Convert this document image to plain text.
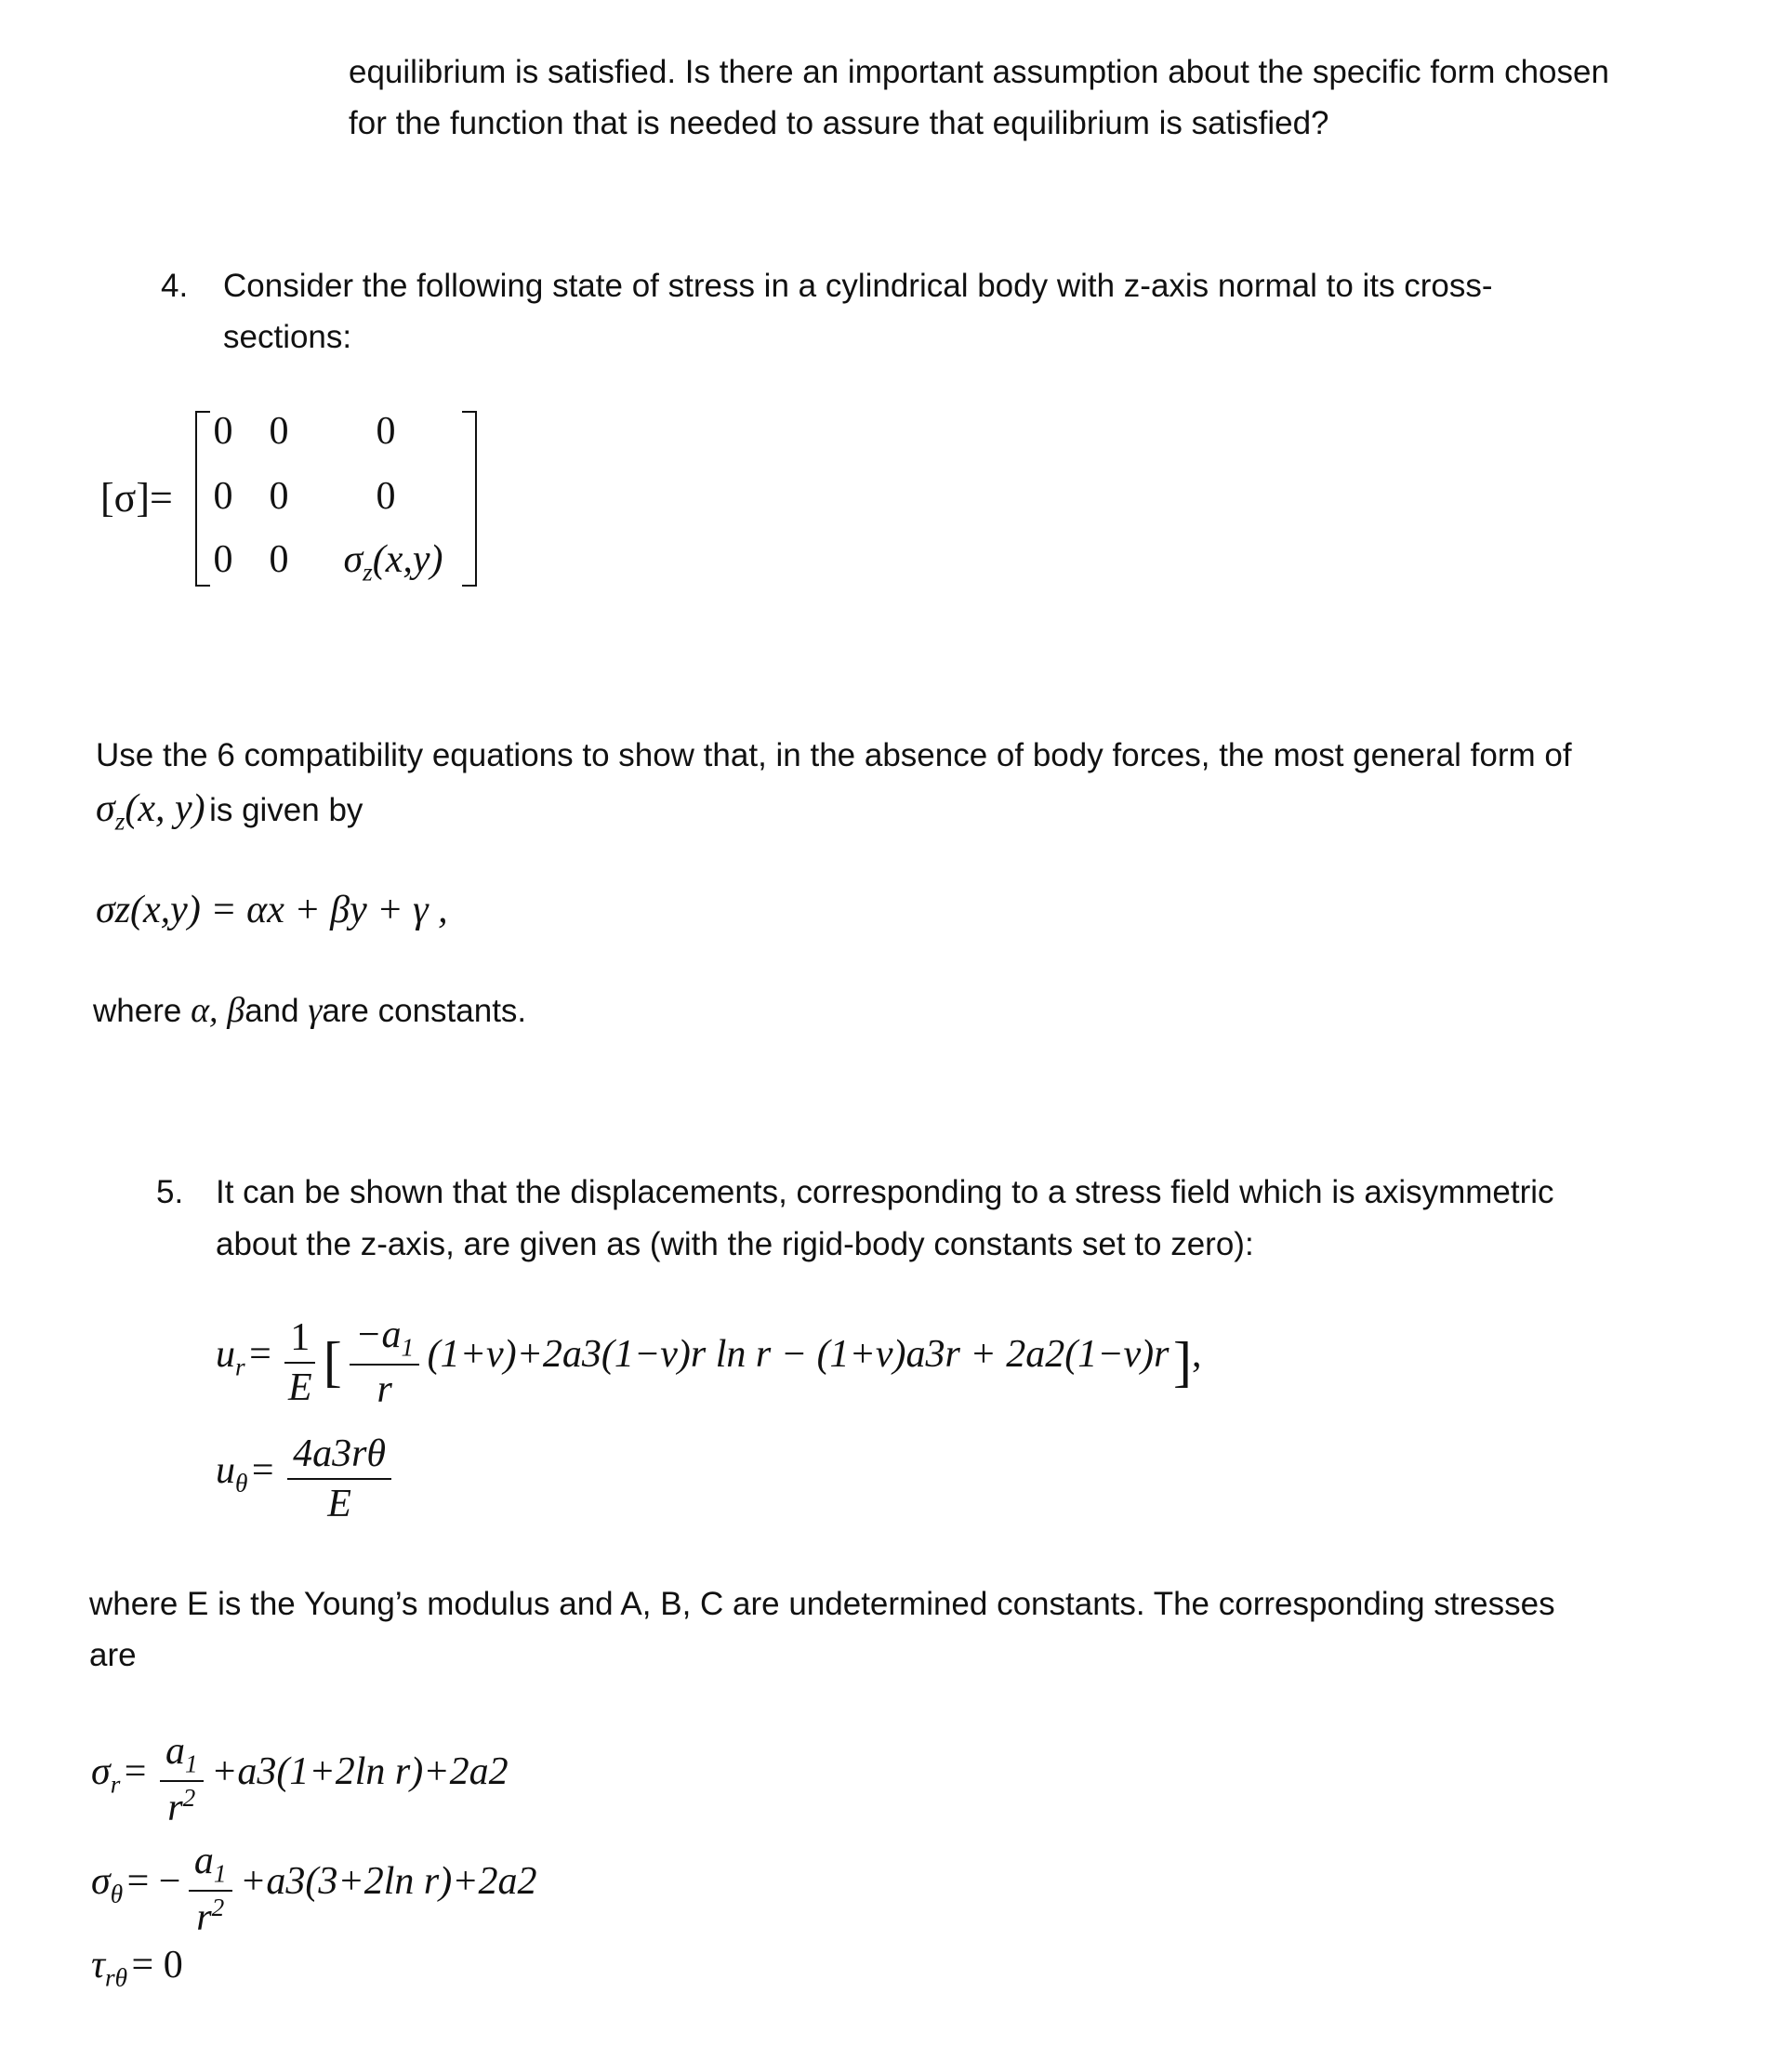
equilibrium is satisfied. Is there an important assumption about the specific form chosen
for the function that is needed to assure that equilibrium is satisfied?
4. Consider the following state of stress in a cylindrical body with z-axis normal to its cross-
sections:
[σ]=
0 0 0
0 0 0
0 0	$\sigma_z(x,y)$
Use the 6 compatibility equations to show that, in the absence of body forces, the most general form of
$\sigma_z(x$, y) is given by
σz(x,y) = αx + βy + γ ,
where α, βand γare constants.
5. It can be shown that the displacements, corresponding to a stress field which is axisymmetric
about the z-axis, are given as (with the rigid-body constants set to zero):
$u_r = \frac{1}{E}$ [ $\frac{-a_1}{r} (1+\nu)+2a3(1-\nu)r$ ln r − (1+ν)a3r + 2a2(1−ν)r ],
$u_\theta = \frac{4a3r\theta}{E}$
where E is the Young’s modulus and A, B, C are undetermined constants. The corresponding stresses
are
$\sigma_r = \frac{a_1}{r^2} +a3(1+2\ln$ r)+2a2
$\sigma_\theta$ = − $\frac{a_1}{r^2} +a3(3+2\ln$ r)+2a2
$\tau_{r\theta} = 0$
